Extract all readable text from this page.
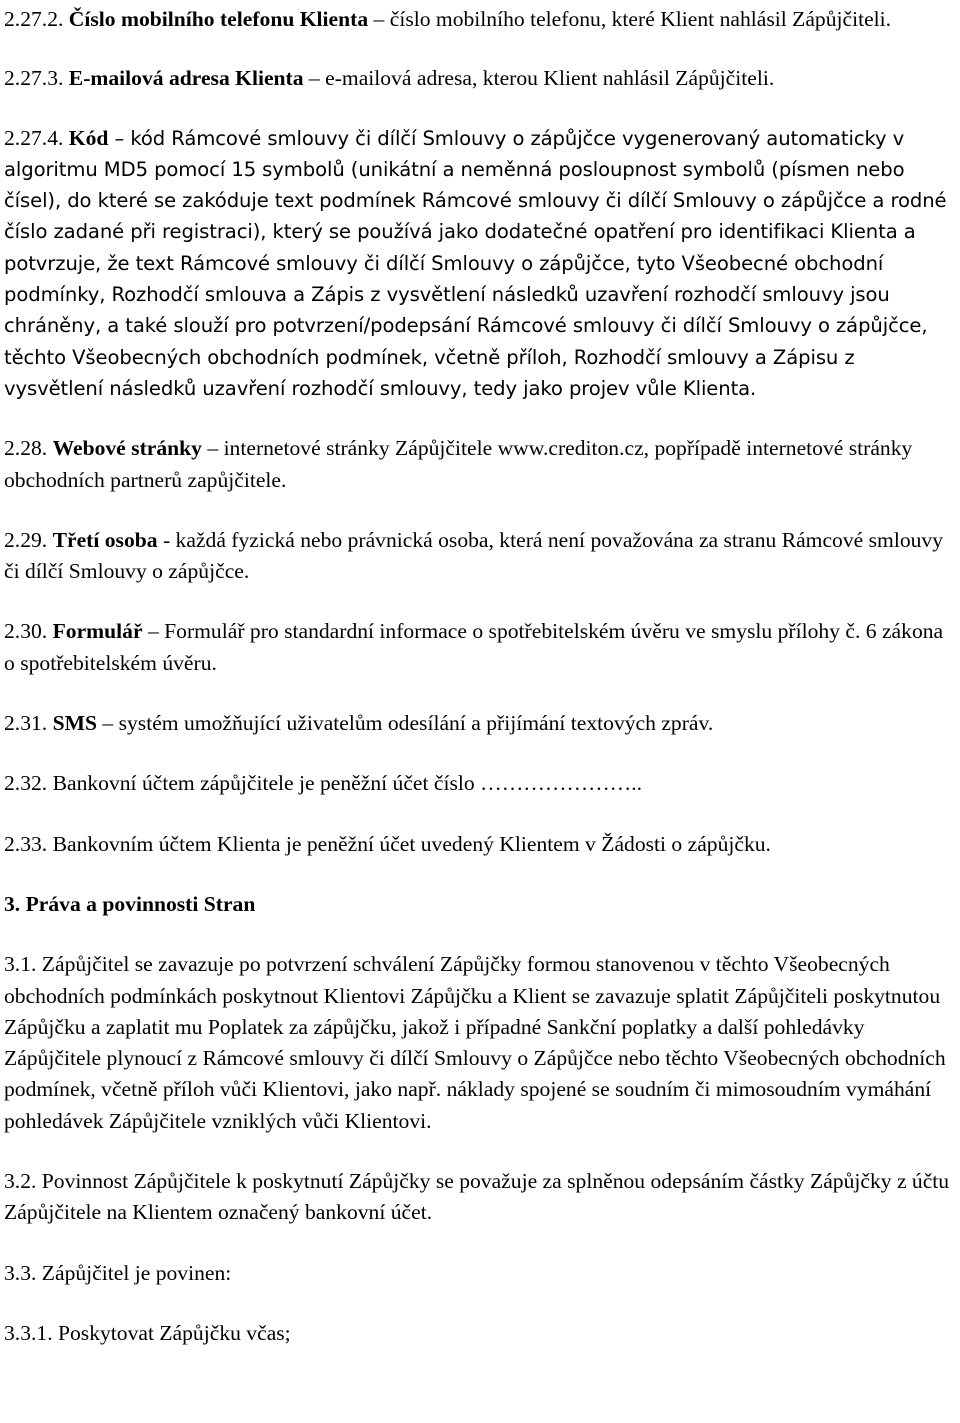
2.27.2. Číslo mobilního telefonu Klienta – číslo mobilního telefonu, které Klient nahlásil Zápůjčiteli.

2.27.3. E-mailová adresa Klienta – e-mailová adresa, kterou Klient nahlásil Zápůjčiteli.

2.27.4. Kód – kód Rámcové smlouvy či dílčí Smlouvy o zápůjčce vygenerovaný automaticky v algoritmu MD5 pomocí 15 symbolů (unikátní a neměnná posloupnost symbolů (písmen nebo čísel), do které se zakóduje text podmínek Rámcové smlouvy či dílčí Smlouvy o zápůjčce a rodné číslo zadané při registraci), který se používá jako dodatečné opatření pro identifikaci Klienta a potvrzuje, že text Rámcové smlouvy či dílčí Smlouvy o zápůjčce, tyto Všeobecné obchodní podmínky, Rozhodčí smlouva a Zápis z vysvětlení následků uzavření rozhodčí smlouvy jsou chráněny, a také slouží pro potvrzení/podepsání Rámcové smlouvy či dílčí Smlouvy o zápůjčce, těchto Všeobecných obchodních podmínek, včetně příloh, Rozhodčí smlouvy a Zápisu z vysvětlení následků uzavření rozhodčí smlouvy, tedy jako projev vůle Klienta.

2.28. Webové stránky – internetové stránky Zápůjčitele www.crediton.cz, popřípadě internetové stránky obchodních partnerů zapůjčitele.

2.29. Třetí osoba - každá fyzická nebo právnická osoba, která není považována za stranu Rámcové smlouvy či dílčí Smlouvy o zápůjčce.

2.30. Formulář – Formulář pro standardní informace o spotřebitelském úvěru ve smyslu přílohy č. 6 zákona o spotřebitelském úvěru.

2.31. SMS – systém umožňující uživatelům odesílání a přijímání textových zpráv.

2.32. Bankovní účtem zápůjčitele je peněžní účet číslo …………………..

2.33. Bankovním účtem Klienta je peněžní účet uvedený Klientem v Žádosti o zápůjčku.

3. Práva a povinnosti Stran

3.1. Zápůjčitel se zavazuje po potvrzení schválení Zápůjčky formou stanovenou v těchto Všeobecných obchodních podmínkách poskytnout Klientovi Zápůjčku a Klient se zavazuje splatit Zápůjčiteli poskytnutou Zápůjčku a zaplatit mu Poplatek za zápůjčku, jakož i případné Sankční poplatky a další pohledávky Zápůjčitele plynoucí z Rámcové smlouvy či dílčí Smlouvy o Zápůjčce nebo těchto Všeobecných obchodních podmínek, včetně příloh vůči Klientovi, jako např. náklady spojené se soudním či mimosoudním vymáhání pohledávek Zápůjčitele vzniklých vůči Klientovi.

3.2. Povinnost Zápůjčitele k poskytnutí Zápůjčky se považuje za splněnou odepsáním částky Zápůjčky z účtu Zápůjčitele na Klientem označený bankovní účet.

3.3. Zápůjčitel je povinen:

3.3.1. Poskytovat Zápůjčku včas;
